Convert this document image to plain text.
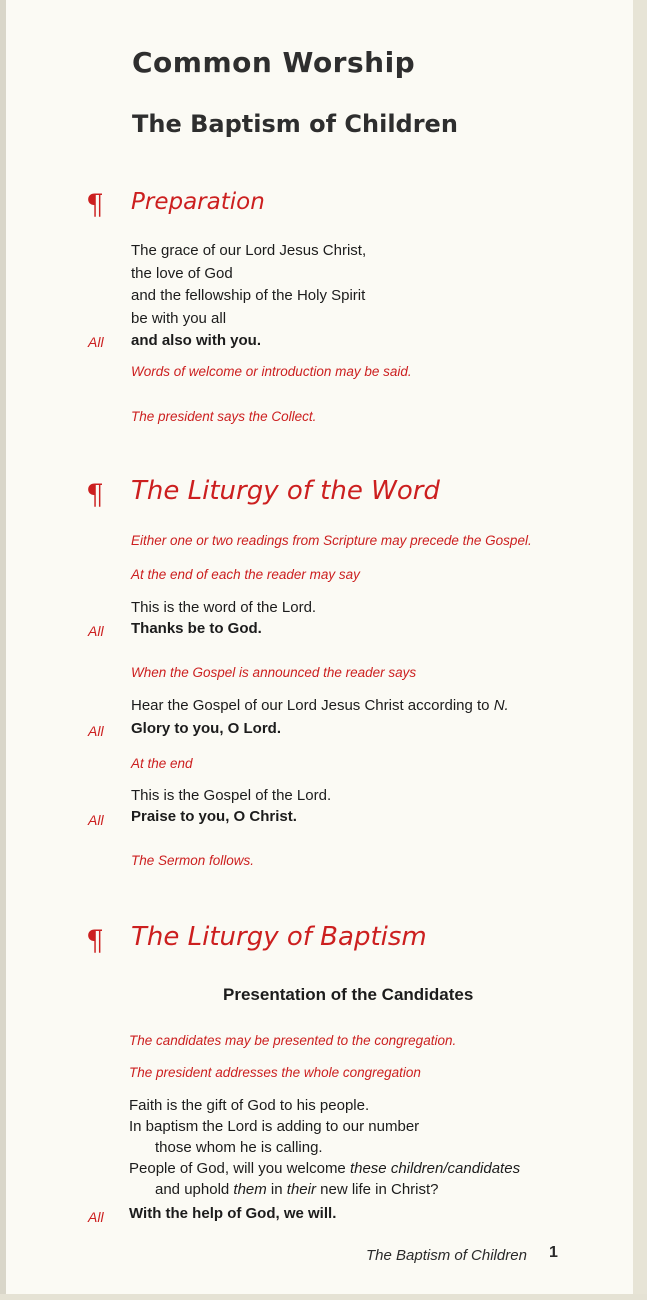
Common Worship
The Baptism of Children
¶ Preparation
The grace of our Lord Jesus Christ,
the love of God
and the fellowship of the Holy Spirit
be with you all
All and also with you.
Words of welcome or introduction may be said.
The president says the Collect.
¶ The Liturgy of the Word
Either one or two readings from Scripture may precede the Gospel.
At the end of each the reader may say
This is the word of the Lord.
All Thanks be to God.
When the Gospel is announced the reader says
Hear the Gospel of our Lord Jesus Christ according to N.
All Glory to you, O Lord.
At the end
This is the Gospel of the Lord.
All Praise to you, O Christ.
The Sermon follows.
¶ The Liturgy of Baptism
Presentation of the Candidates
The candidates may be presented to the congregation.
The president addresses the whole congregation
Faith is the gift of God to his people.
In baptism the Lord is adding to our number
those whom he is calling.
People of God, will you welcome these children/candidates
and uphold them in their new life in Christ?
All With the help of God, we will.
The Baptism of Children 1
